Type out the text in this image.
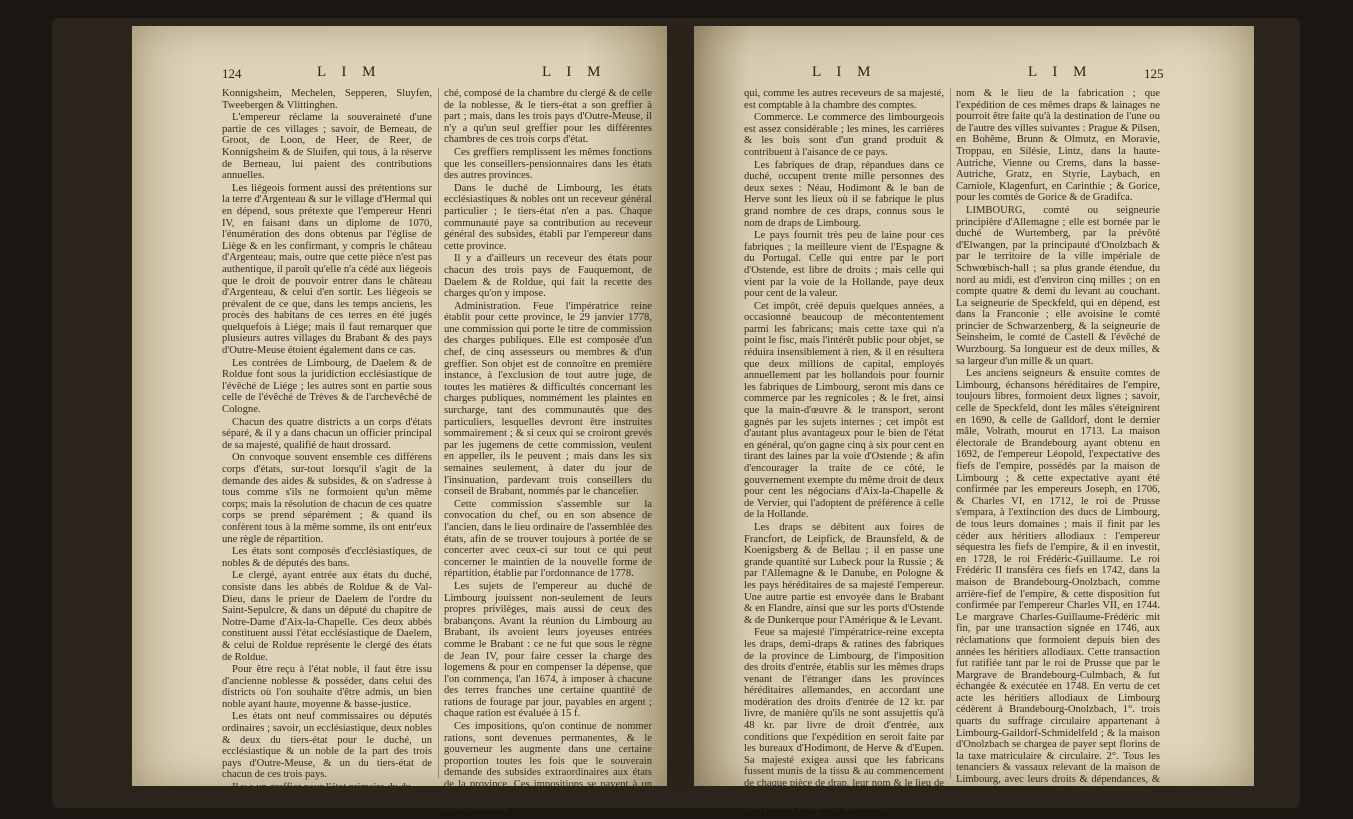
124	L I M	L I M

Konnigsheim, Mechelen, Sepperen, Sluyfen, Tweebergen & Vlittinghen.

L'empereur réclame la souveraineté d'une partie de ces villages ; savoir, de Bemeau, de Groot, de Loon, de Heer, de Reer, de Konnigsheim & de Sluifen, qui tous, à la réserve de Berneau, lui paient des contributions annuelles.

Les liégeois forment aussi des prétentions sur la terre d'Argenteau & sur le village d'Hermal qui en dépend, sous prétexte que l'empereur Henri IV, en faisant dans un diplome de 1070, l'énumération des dons obtenus par l'église de Liège & en les confirmant, y compris le château d'Argenteau; mais, outre que cette pièce n'est pas authentique, il paroît qu'elle n'a cédé aux liégeois que le droit de pouvoir entrer dans le château d'Argenteau, & celui d'en sortir. Les liégeois se prévalent de ce que, dans les temps anciens, les procès des habitans de ces terres en été jugés quelquefois à Liége; mais il faut remarquer que plusieurs autres villages du Brabant & des pays d'Outre-Meuse étoient également dans ce cas.

Les contrées de Limbourg, de Daelem & de Roldue font sous la juridiction ecclésiastique de l'évêché de Liége ; les autres sont en partie sous celle de l'évêché de Trèves & de l'archevêché de Cologne.

Chacun des quatre districts a un corps d'états séparé, & il y a dans chacun un officier principal de sa majesté, qualifié de haut drossard.

On convoque souvent ensemble ces différens corps d'états, sur-tout lorsqu'il s'agit de la demande des aides & subsides, & on s'adresse à tous comme s'ils ne formoient qu'un même corps; mais la résolution de chacun de ces quatre corps se prend séparément ; & quand ils confèrent tous à la même somme, ils ont entr'eux une règle de répartition.

Les états sont composés d'ecclésiastiques, de nobles & de députés des bans.

Le clergé, ayant entrée aux états du duché, consiste dans les abbés de Roldue & de Val-Dieu, dans le prieur de Daelem de l'ordre du Saint-Sepulcre, & dans un député du chapitre de Notre-Dame d'Aix-la-Chapelle. Ces deux abbés constituent aussi l'état ecclésiastique de Daelem, & celui de Roldue représente le clergé des états de Roldue.

Pour être reçu à l'état noble, il faut être issu d'ancienne noblesse & posséder, dans celui des districts où l'on souhaite d'être admis, un bien noble ayant haute, moyenne & basse-justice.

Les états ont neuf commissaires ou députés ordinaires ; savoir, un ecclésiastique, deux nobles & deux du tiers-état pour le duché, un ecclésiastique & un noble de la part des trois pays d'Outre-Meuse, & un du tiers-état de chacun de ces trois pays.

Il y a un greffier pour l'état primaire du du-

ché, composé de la chambre du clergé & de celle de la noblesse, & le tiers-état a son greffier à part ; mais, dans les trois pays d'Outre-Meuse, il n'y a qu'un seul greffier pour les différentes chambres de ces trois corps d'état.

Ces greffiers remplissent les mêmes fonctions que les conseillers-pensionnaires dans les états des autres provinces.

Dans le duché de Limbourg, les états ecclésiastiques & nobles ont un receveur général particulier ; le tiers-état n'en a pas. Chaque communauté paye sa contribution au receveur général des subsides, établi par l'empereur dans cette province.

Il y a d'ailleurs un receveur des états pour chacun des trois pays de Fauquemont, de Daelem & de Roldue, qui fait la recette des charges qu'on y impose.

Administration. Feue l'impératrice reine établit pour cette province, le 29 janvier 1778, une commission qui porte le titre de commission des charges publiques. Elle est composée d'un chef, de cinq assesseurs ou membres & d'un greffier. Son objet est de connoître en première instance, à l'exclusion de tout autre juge, de toutes les matières & difficultés concernant les charges publiques, nommément les plaintes en surcharge, tant des communautés que des particuliers, lesquelles devront être instruites sommairement ; & si ceux qui se croiront grevés par les jugemens de cette commission, veulent en appeller, ils le peuvent ; mais dans les six semaines seulement, à dater du jour de l'insinuation, pardevant trois conseillers du conseil de Brabant, nommés par le chancelier.

Cette commission s'assemble sur la convocation du chef, ou en son absence de l'ancien, dans le lieu ordinaire de l'assemblée des états, afin de se trouver toujours à portée de se concerter avec ceux-ci sur tout ce qui peut concerner le maintien de la nouvelle forme de répartition, établie par l'ordonnance de 1778.

Les sujets de l'empereur au duché de Limbourg jouissent non-seulement de leurs propres privilèges, mais aussi de ceux des brabançons. Avant la réunion du Limbourg au Brabant, ils avoient leurs joyeuses entrées comme le Brabant : ce ne fut que sous le règne de Jean IV, pour faire cesser la charge des logemens & pour en compenser la dépense, que l'on commença, l'an 1674, à imposer à chacune des terres franches une certaine quantité de rations de fourage par jour, payables en argent ; chaque ration est évaluée à 15 f.

Ces impositions, qu'on continue de nommer rations, sont devenues permanentes, & le gouverneur les augmente dans une certaine proportion toutes les fois que le souverain demande des subsides extraordinaires aux états de la province. Ces impositions se payent à un receveur particulier, nommé le receveur des terres franches,

L I M	L I M	125

qui, comme les autres receveurs de sa majesté, est comptable à la chambre des comptes.

Commerce. Le commerce des limbourgeois est assez considérable ; les mines, les carrières & les bois sont d'un grand produit & contribuent à l'aisance de ce pays.

Les fabriques de drap, répandues dans ce duché, occupent trente mille personnes des deux sexes : Néau, Hodimont & le ban de Herve sont les lieux où il se fabrique le plus grand nombre de ces draps, connus sous le nom de draps de Limbourg.

Le pays fournit très peu de laine pour ces fabriques ; la meilleure vient de l'Espagne & du Portugal. Celle qui entre par le port d'Ostende, est libre de droits ; mais celle qui vient par la voie de la Hollande, paye deux pour cent de la valeur.

Cet impôt, créé depuis quelques années, a occasionné beaucoup de mécontentement parmi les fabricans; mais cette taxe qui n'a point le fisc, mais l'intérêt public pour objet, se réduira insensiblement à rien, & il en résultera que deux millions de capital, employés annuellement par les hollandois pour fournir les fabriques de Limbourg, seront mis dans ce commerce par les regnicoles ; & le fret, ainsi que la main-d'œuvre & le transport, seront gagnés par les sujets internes ; cet impôt est d'autant plus avantageux pour le bien de l'état en général, qu'on gagne cinq à six pour cent en tirant des laines par la voie d'Ostende ; & afin d'encourager la traite de ce côté, le gouvernement exempte du même droit de deux pour cent les négocians d'Aix-la-Chapelle & de Vervier, qui l'adoptent de préférence à celle de la Hollande.

Les draps se débitent aux foires de Francfort, de Leipfick, de Braunsfeld, & de Koenigsberg & de Bellau ; il en passe une grande quantité sur Lubeck pour la Russie ; & par l'Allemagne & le Danube, en Pologne & les pays héréditaires de sa majesté l'empereur. Une autre partie est envoyée dans le Brabant & en Flandre, ainsi que sur les ports d'Ostende & de Dunkerque pour l'Amérique & le Levant.

Feue sa majesté l'impératrice-reine excepta les draps, demi-draps & ratines des fabriques de la province de Limbourg, de l'imposition des droits d'entrée, établis sur les mêmes draps venant de l'étranger dans les provinces héréditaires allemandes, en accordant une modération des droits d'entrée de 12 kr. par livre, de manière qu'ils ne sont assujettis qu'à 48 kr. par livre de droit d'entrée, aux conditions que l'expédition en seroit faite par les bureaux d'Hodimont, de Herve & d'Eupen. Sa majesté exigea aussi que les fabricans fussent munis de la tissu & au commencement de chaque pièce de drap, leur nom & le lieu de la fabrique ; & que chaque pièce seroit munie d'un plomb, désignant également le

nom & le lieu de la fabrication ; que l'expédition de ces mêmes draps & lainages ne pourroit être faite qu'à la destination de l'une ou de l'autre des villes suivantes : Prague & Pilsen, en Bohême, Brunn & Olmutz, en Moravie, Troppau, en Silésie, Lintz, dans la haute-Autriche, Vienne ou Crems, dans la basse-Autriche, Gratz, en Styrie, Laybach, en Carniole, Klagenfurt, en Carinthie ; & Gorice, pour les comtés de Gorice & de Gradifca.

LIMBOURG, comté ou seigneurie principière d'Allemagne ; elle est bornée par le duché de Wurtemberg, par la prévôté d'Elwangen, par la principauté d'Onolzbach & par le territoire de la ville impériale de Schwœbisch-hall ; sa plus grande étendue, du nord au midi, est d'environ cinq milles ; on en compte quatre & demi du levant au couchant. La seigneurie de Speckfeld, qui en dépend, est dans la Franconie ; elle avoisine le comté princier de Schwarzenberg, & la seigneurie de Seinsheim, le comté de Castell & l'évêché de Wurzbourg. Sa longueur est de deux milles, & sa largeur d'un mille & un quart.

Les anciens seigneurs & ensuite comtes de Limbourg, échansons héréditaires de l'empire, toujours libres, formoient deux lignes ; savoir, celle de Speckfeld, dont les mâles s'éteignirent en 1690, & celle de Galldorf, dont le dernier mâle, Volrath, mourut en 1713. La maison électorale de Brandebourg ayant obtenu en 1692, de l'empereur Léopold, l'expectative des fiefs de l'empire, possédés par la maison de Limbourg ; & cette expectative ayant été confirmée par les empereurs Joseph, en 1706, & Charles VI, en 1712, le roi de Prusse s'empara, à l'extinction des ducs de Limbourg, de tous leurs domaines ; mais il finit par les céder aux héritiers allodiaux : l'empereur séquestra les fiefs de l'empire, & il en investit, en 1728, le roi Frédéric-Guillaume. Le roi Frédéric II transféra ces fiefs en 1742, dans la maison de Brandebourg-Onolzbach, comme arrière-fief de l'empire, & cette disposition fut confirmée par l'empereur Charles VII, en 1744. Le margrave Charles-Guillaume-Frédéric mit fin, par une transaction signée en 1746, aux réclamations que formoient depuis bien des années les héritiers allodiaux. Cette transaction fut ratifiée tant par le roi de Prusse que par le Margrave de Brandebourg-Culmbach, & fut échangée & exécutée en 1748. En vertu de cet acte les héritiers allodiaux de Limbourg cédèrent à Brandebourg-Onolzbach, 1°. trois quarts du suffrage circulaire appartenant à Limbourg-Gaildorf-Schmidelfeld ; & la maison d'Onolzbach se chargea de payer sept florins de la taxe matriculaire & circulaire. 2°. Tous les tenanciers & vassaux relevant de la maison de Limbourg, avec leurs droits & dépendances, & sans en excepter autre chose que les droits des
